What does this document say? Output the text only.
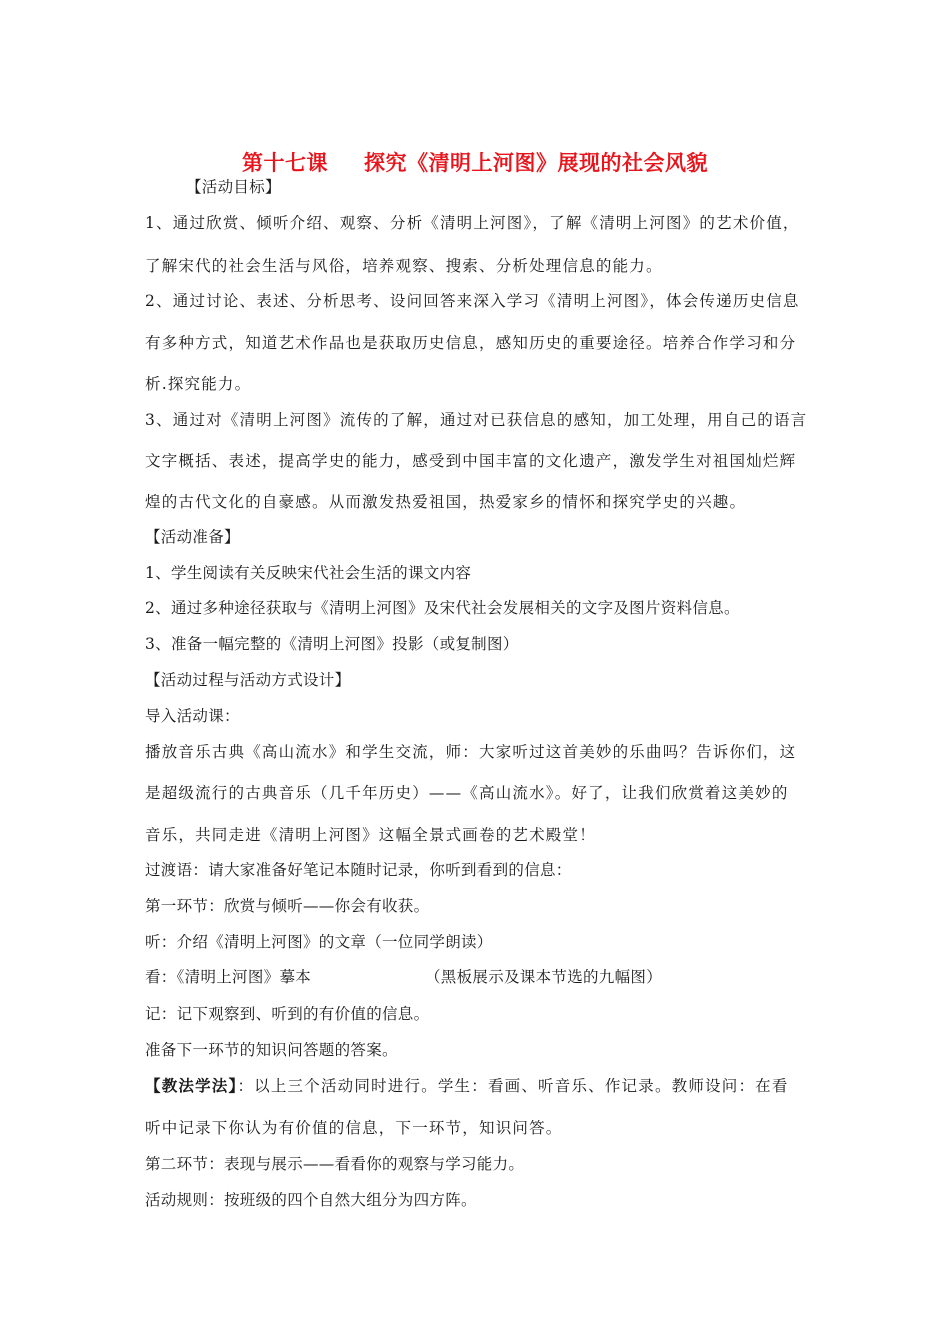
第十七课 探究《清明上河图》展现的社会风貌
【活动目标】
1、通过欣赏、倾听介绍、观察、分析《清明上河图》，了解《清明上河图》的艺术价值，
了解宋代的社会生活与风俗，培养观察、搜索、分析处理信息的能力。
2、通过讨论、表述、分析思考、设问回答来深入学习《清明上河图》，体会传递历史信息
有多种方式，知道艺术作品也是获取历史信息，感知历史的重要途径。培养合作学习和分
析.探究能力。
3、通过对《清明上河图》流传的了解，通过对已获信息的感知，加工处理，用自己的语言
文字概括、表述，提高学史的能力，感受到中国丰富的文化遗产，激发学生对祖国灿烂辉
煌的古代文化的自豪感。从而激发热爱祖国，热爱家乡的情怀和探究学史的兴趣。
【活动准备】
1、学生阅读有关反映宋代社会生活的课文内容
2、通过多种途径获取与《清明上河图》及宋代社会发展相关的文字及图片资料信息。
3、准备一幅完整的《清明上河图》投影（或复制图）
【活动过程与活动方式设计】
导入活动课：
播放音乐古典《高山流水》和学生交流，师：大家听过这首美妙的乐曲吗？告诉你们，这
是超级流行的古典音乐（几千年历史）——《高山流水》。好了，让我们欣赏着这美妙的
音乐，共同走进《清明上河图》这幅全景式画卷的艺术殿堂！
过渡语：请大家准备好笔记本随时记录，你听到看到的信息：
第一环节：欣赏与倾听——你会有收获。
听：介绍《清明上河图》的文章（一位同学朗读）
看：《清明上河图》摹本	（黑板展示及课本节选的九幅图）
记：记下观察到、听到的有价值的信息。
准备下一环节的知识问答题的答案。
【教法学法】：以上三个活动同时进行。学生：看画、听音乐、作记录。教师设问：在看
听中记录下你认为有价值的信息，下一环节，知识问答。
第二环节：表现与展示——看看你的观察与学习能力。
活动规则：按班级的四个自然大组分为四方阵。
